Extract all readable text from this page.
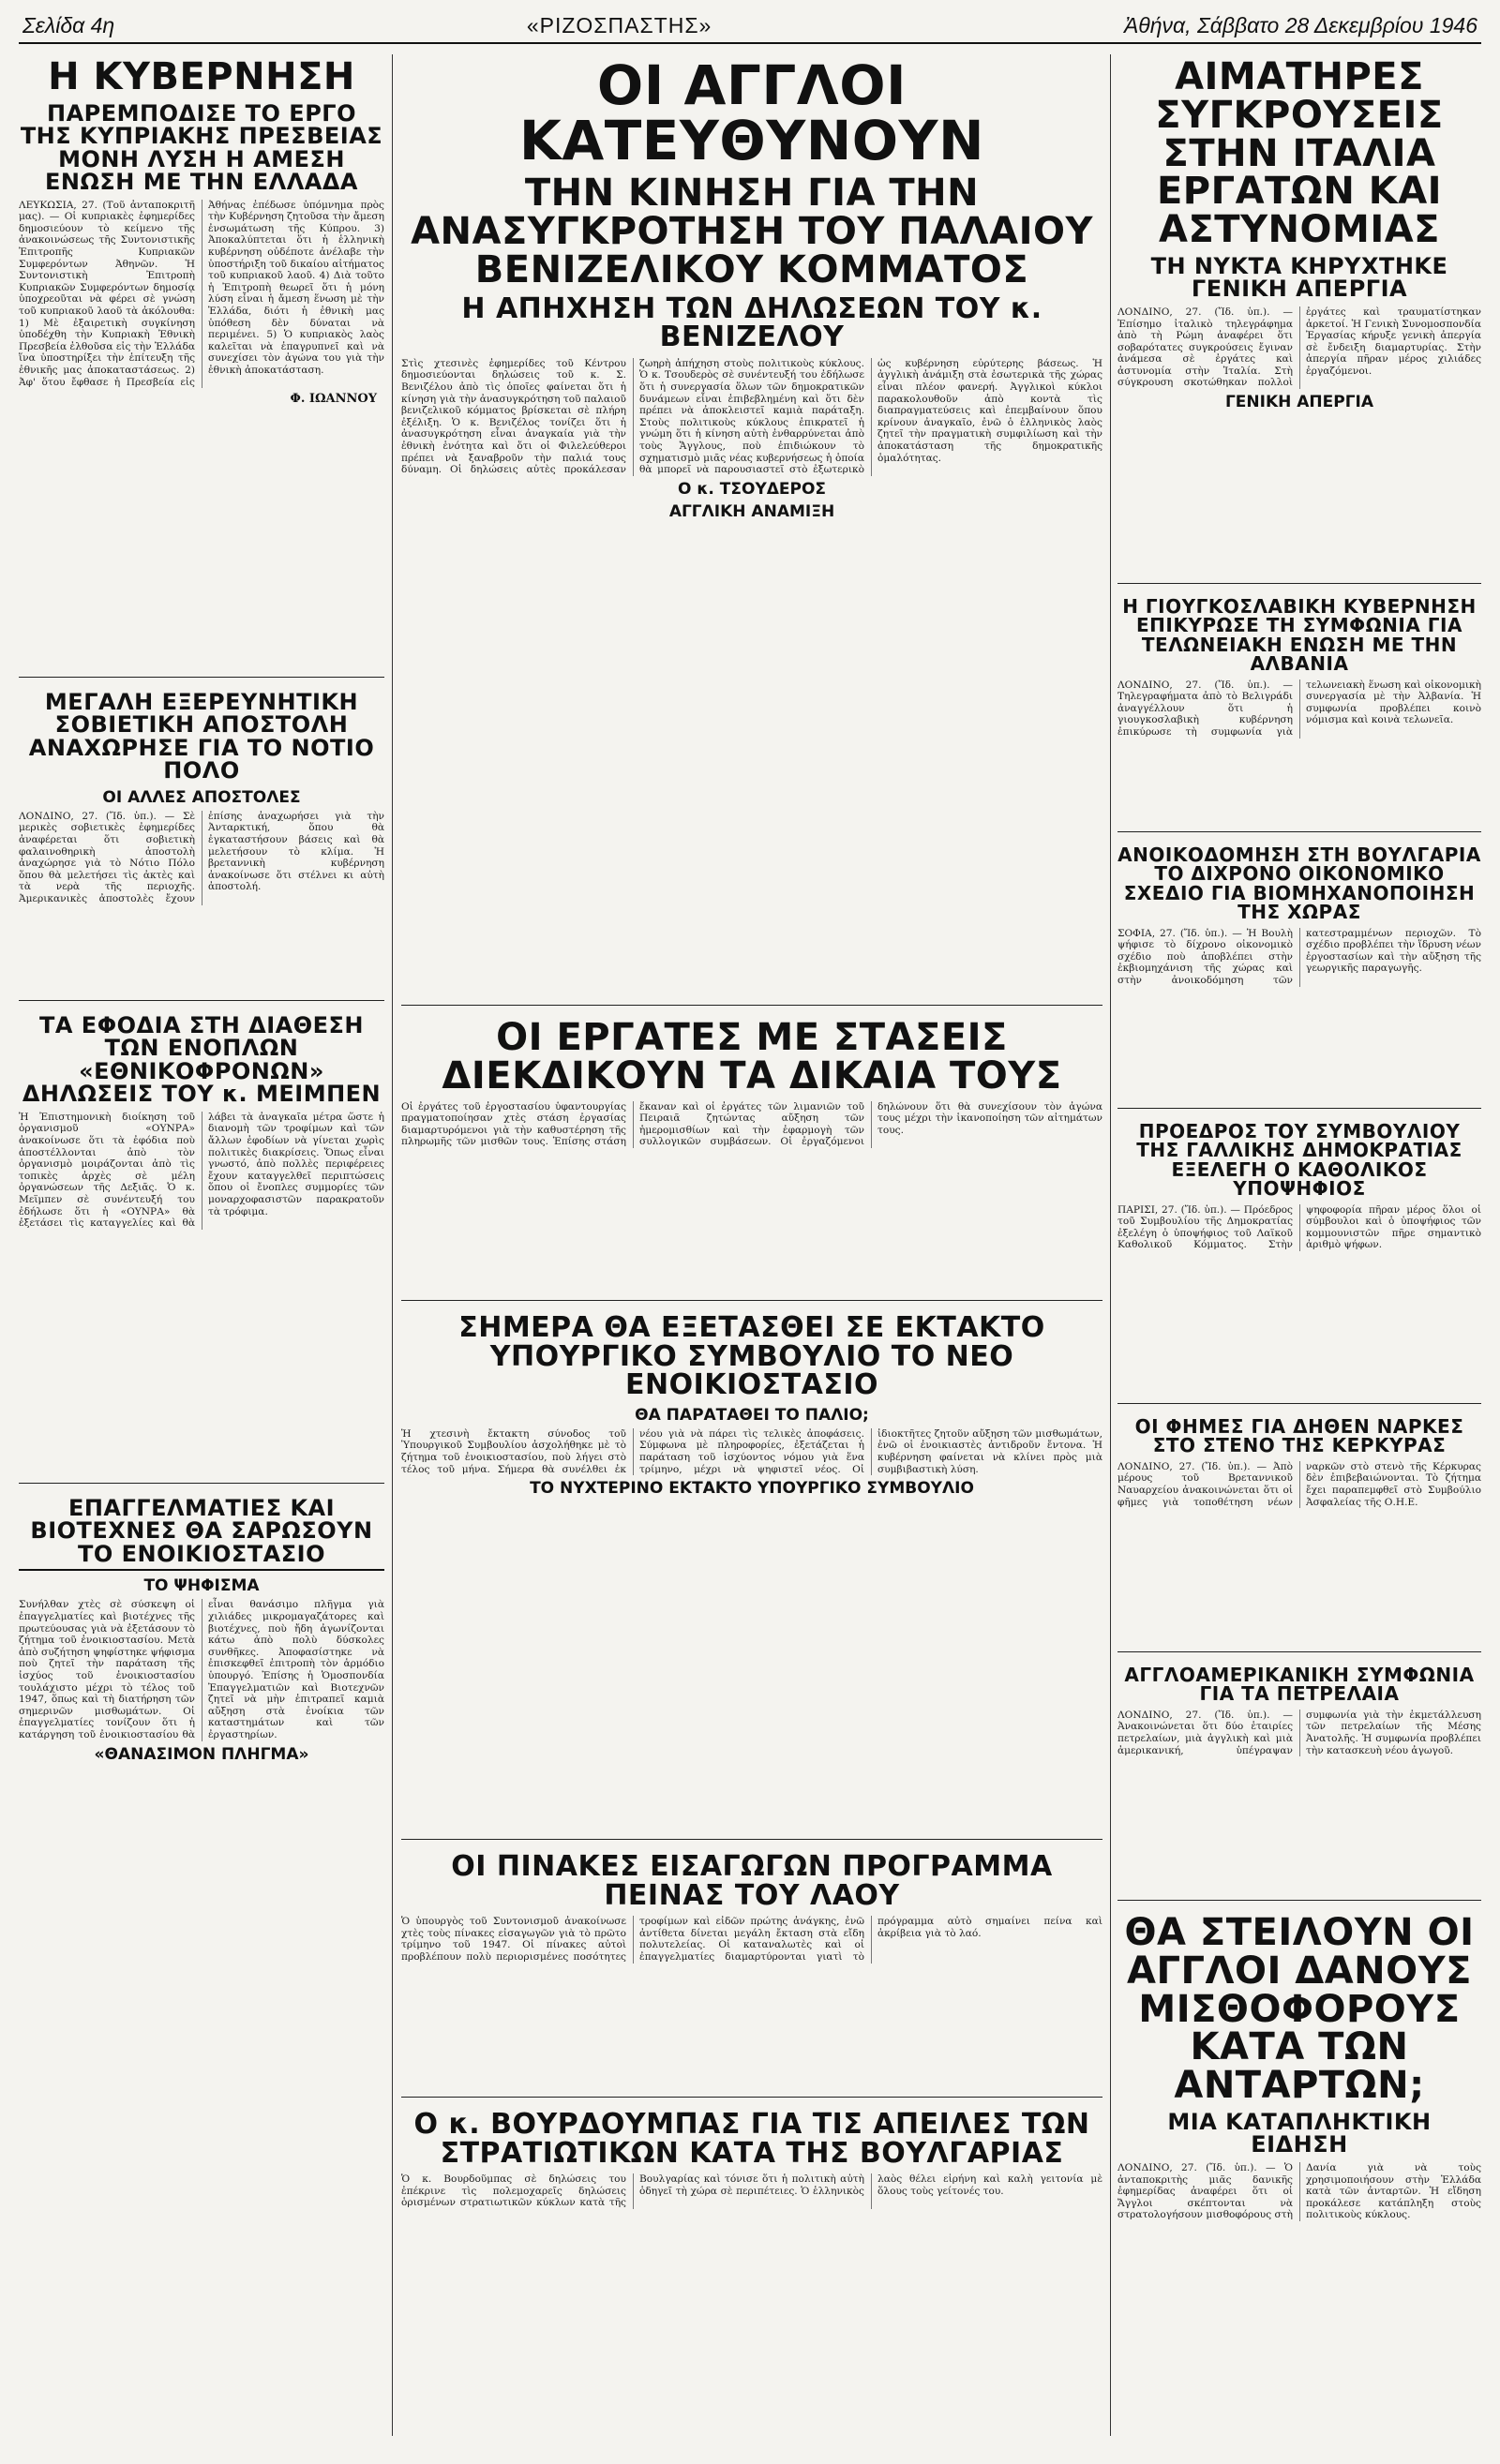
Σελίδα 4η	«ΡΙΖΟΣΠΑΣΤΗΣ»	Ἀθήνα, Σάββατο 28 Δεκεμβρίου 1946
Η ΚΥΒΕΡΝΗΣΗ
ΠΑΡΕΜΠΟΔΙΣΕ ΤΟ ΕΡΓΟ ΤΗΣ ΚΥΠΡΙΑΚΗΣ ΠΡΕΣΒΕΙΑΣ ΜΟΝΗ ΛΥΣΗ Η ΑΜΕΣΗ ΕΝΩΣΗ ΜΕ ΤΗΝ ΕΛΛΑΔΑ
ΛΕΥΚΩΣΙΑ, 27. (Τοῦ ἀνταποκριτῆ μας). — Οἱ κυπριακὲς ἐφημερίδες δημοσιεύουν τὸ κείμενο τῆς ἀνακοινώσεως τῆς Συντονιστικῆς Ἐπιτροπῆς Κυπριακῶν Συμφερόντων Ἀθηνῶν. Ἡ Συντονιστικὴ Ἐπιτροπὴ Κυπριακῶν Συμφερόντων δημοσίᾳ ὑποχρεοῦται νὰ φέρει σὲ γνώση τοῦ κυπριακοῦ λαοῦ τὰ ἀκόλουθα: 1) Μὲ ἐξαιρετικὴ συγκίνηση ὑποδέχθη τὴν Κυπριακὴ Ἐθνικὴ Πρεσβεία ἐλθοῦσα εἰς τὴν Ἑλλάδα ἵνα ὑποστηρίξει τὴν ἐπίτευξη τῆς ἐθνικῆς μας ἀποκαταστάσεως. 2) Ἀφ' ὅτου ἔφθασε ἡ Πρεσβεία εἰς Ἀθήνας ἐπέδωσε ὑπόμνημα πρὸς τὴν Κυβέρνηση ζητοῦσα τὴν ἄμεση ἐνσωμάτωση τῆς Κύπρου. 3) Ἀποκαλύπτεται ὅτι ἡ ἑλληνικὴ κυβέρνηση οὐδέποτε ἀνέλαβε τὴν ὑποστήριξη τοῦ δικαίου αἰτήματος τοῦ κυπριακοῦ λαοῦ. 4) Διὰ τοῦτο ἡ Ἐπιτροπὴ θεωρεῖ ὅτι ἡ μόνη λύση εἶναι ἡ ἄμεση ἕνωση μὲ τὴν Ἑλλάδα, διότι ἡ ἐθνικὴ μας ὑπόθεση δὲν δύναται νὰ περιμένει. 5) Ὁ κυπριακὸς λαὸς καλεῖται νὰ ἐπαγρυπνεῖ καὶ νὰ συνεχίσει τὸν ἀγώνα του γιὰ τὴν ἐθνικὴ ἀποκατάσταση.
Φ. ΙΩΑΝΝΟΥ
ΜΕΓΑΛΗ ΕΞΕΡΕΥΝΗΤΙΚΗ ΣΟΒΙΕΤΙΚΗ ΑΠΟΣΤΟΛΗ ΑΝΑΧΩΡΗΣΕ ΓΙΑ ΤΟ ΝΟΤΙΟ ΠΟΛΟ
ΟΙ ΑΛΛΕΣ ΑΠΟΣΤΟΛΕΣ
ΛΟΝΔΙΝΟ, 27. (Ἴδ. ὑπ.). — Σὲ μερικὲς σοβιετικὲς ἐφημερίδες ἀναφέρεται ὅτι σοβιετικὴ φαλαινοθηρικὴ ἀποστολὴ ἀναχώρησε γιὰ τὸ Νότιο Πόλο ὅπου θὰ μελετήσει τὶς ἀκτὲς καὶ τὰ νερὰ τῆς περιοχῆς. Ἀμερικανικὲς ἀποστολὲς ἔχουν ἐπίσης ἀναχωρήσει γιὰ τὴν Ἀνταρκτική, ὅπου θὰ ἐγκαταστήσουν βάσεις καὶ θὰ μελετήσουν τὸ κλίμα. Ἡ βρεταννικὴ κυβέρνηση ἀνακοίνωσε ὅτι στέλνει κι αὐτὴ ἀποστολή.
ΤΑ ΕΦΟΔΙΑ ΣΤΗ ΔΙΑΘΕΣΗ ΤΩΝ ΕΝΟΠΛΩΝ «ΕΘΝΙΚΟΦΡΟΝΩΝ» ΔΗΛΩΣΕΙΣ ΤΟΥ κ. ΜΕΙΜΠΕΝ
Ἡ Ἐπιστημονικὴ διοίκηση τοῦ ὀργανισμοῦ «ΟΥΝΡΑ» ἀνακοίνωσε ὅτι τὰ ἐφόδια ποὺ ἀποστέλλονται ἀπὸ τὸν ὀργανισμὸ μοιράζονται ἀπὸ τὶς τοπικὲς ἀρχὲς σὲ μέλη ὀργανώσεων τῆς Δεξιᾶς. Ὁ κ. Μεϊμπεν σὲ συνέντευξή του ἐδήλωσε ὅτι ἡ «ΟΥΝΡΑ» θὰ ἐξετάσει τὶς καταγγελίες καὶ θὰ λάβει τὰ ἀναγκαῖα μέτρα ὥστε ἡ διανομὴ τῶν τροφίμων καὶ τῶν ἄλλων ἐφοδίων νὰ γίνεται χωρὶς πολιτικὲς διακρίσεις. Ὅπως εἶναι γνωστό, ἀπὸ πολλὲς περιφέρειες ἔχουν καταγγελθεῖ περιπτώσεις ὅπου οἱ ἔνοπλες συμμορίες τῶν μοναρχοφασιστῶν παρακρατοῦν τὰ τρόφιμα.
ΕΠΑΓΓΕΛΜΑΤΙΕΣ ΚΑΙ ΒΙΟΤΕΧΝΕΣ ΘΑ ΣΑΡΩΣΟΥΝ ΤΟ ΕΝΟΙΚΙΟΣΤΑΣΙΟ
ΤΟ ΨΗΦΙΣΜΑ
Συνήλθαν χτὲς σὲ σύσκεψη οἱ ἐπαγγελματίες καὶ βιοτέχνες τῆς πρωτεύουσας γιὰ νὰ ἐξετάσουν τὸ ζήτημα τοῦ ἐνοικιοστασίου. Μετὰ ἀπὸ συζήτηση ψηφίστηκε ψήφισμα ποὺ ζητεῖ τὴν παράταση τῆς ἰσχύος τοῦ ἐνοικιοστασίου τουλάχιστο μέχρι τὸ τέλος τοῦ 1947, ὅπως καὶ τὴ διατήρηση τῶν σημερινῶν μισθωμάτων. Οἱ ἐπαγγελματίες τονίζουν ὅτι ἡ κατάργηση τοῦ ἐνοικιοστασίου θὰ εἶναι θανάσιμο πλῆγμα γιὰ χιλιάδες μικρομαγαζάτορες καὶ βιοτέχνες, ποὺ ἤδη ἀγωνίζονται κάτω ἀπὸ πολὺ δύσκολες συνθῆκες. Ἀποφασίστηκε νὰ ἐπισκεφθεῖ ἐπιτροπὴ τὸν ἁρμόδιο ὑπουργό. Ἐπίσης ἡ Ὁμοσπονδία Ἐπαγγελματιῶν καὶ Βιοτεχνῶν ζητεῖ νὰ μὴν ἐπιτραπεῖ καμιὰ αὔξηση στὰ ἐνοίκια τῶν καταστημάτων καὶ τῶν ἐργαστηρίων.
«ΘΑΝΑΣΙΜΟΝ ΠΛΗΓΜΑ»
ΟΙ ΑΓΓΛΟΙ ΚΑΤΕΥΘΥΝΟΥΝ
ΤΗΝ ΚΙΝΗΣΗ ΓΙΑ ΤΗΝ ΑΝΑΣΥΓΚΡΟΤΗΣΗ ΤΟΥ ΠΑΛΑΙΟΥ ΒΕΝΙΖΕΛΙΚΟΥ ΚΟΜΜΑΤΟΣ
Η ΑΠΗΧΗΣΗ ΤΩΝ ΔΗΛΩΣΕΩΝ ΤΟΥ κ. ΒΕΝΙΖΕΛΟΥ
Στὶς χτεσινὲς ἐφημερίδες τοῦ Κέντρου δημοσιεύονται δηλώσεις τοῦ κ. Σ. Βενιζέλου ἀπὸ τὶς ὁποῖες φαίνεται ὅτι ἡ κίνηση γιὰ τὴν ἀνασυγκρότηση τοῦ παλαιοῦ βενιζελικοῦ κόμματος βρίσκεται σὲ πλήρη ἐξέλιξη. Ὁ κ. Βενιζέλος τονίζει ὅτι ἡ ἀνασυγκρότηση εἶναι ἀναγκαία γιὰ τὴν ἐθνικὴ ἑνότητα καὶ ὅτι οἱ Φιλελεύθεροι πρέπει νὰ ξαναβροῦν τὴν παλιά τους δύναμη. Οἱ δηλώσεις αὐτὲς προκάλεσαν ζωηρὴ ἀπήχηση στοὺς πολιτικοὺς κύκλους. Ὁ κ. Τσουδερὸς σὲ συνέντευξή του ἐδήλωσε ὅτι ἡ συνεργασία ὅλων τῶν δημοκρατικῶν δυνάμεων εἶναι ἐπιβεβλημένη καὶ ὅτι δὲν πρέπει νὰ ἀποκλειστεῖ καμιὰ παράταξη. Στοὺς πολιτικοὺς κύκλους ἐπικρατεῖ ἡ γνώμη ὅτι ἡ κίνηση αὐτὴ ἐνθαρρύνεται ἀπὸ τοὺς Ἄγγλους, ποὺ ἐπιδιώκουν τὸ σχηματισμὸ μιᾶς νέας κυβερνήσεως ἡ ὁποία θὰ μπορεῖ νὰ παρουσιαστεῖ στὸ ἐξωτερικὸ ὡς κυβέρνηση εὐρύτερης βάσεως. Ἡ ἀγγλικὴ ἀνάμιξη στὰ ἐσωτερικὰ τῆς χώρας εἶναι πλέον φανερή. Ἀγγλικοὶ κύκλοι παρακολουθοῦν ἀπὸ κοντὰ τὶς διαπραγματεύσεις καὶ ἐπεμβαίνουν ὅπου κρίνουν ἀναγκαῖο, ἐνῶ ὁ ἑλληνικὸς λαὸς ζητεῖ τὴν πραγματικὴ συμφιλίωση καὶ τὴν ἀποκατάσταση τῆς δημοκρατικῆς ὁμαλότητας.
Ο κ. ΤΣΟΥΔΕΡΟΣ
ΑΓΓΛΙΚΗ ΑΝΑΜΙΞΗ
ΟΙ ΕΡΓΑΤΕΣ ΜΕ ΣΤΑΣΕΙΣ ΔΙΕΚΔΙΚΟΥΝ ΤΑ ΔΙΚΑΙΑ ΤΟΥΣ
Οἱ ἐργάτες τοῦ ἐργοστασίου ὑφαντουργίας πραγματοποίησαν χτὲς στάση ἐργασίας διαμαρτυρόμενοι γιὰ τὴν καθυστέρηση τῆς πληρωμῆς τῶν μισθῶν τους. Ἐπίσης στάση ἔκαναν καὶ οἱ ἐργάτες τῶν λιμανιῶν τοῦ Πειραιᾶ ζητώντας αὔξηση τῶν ἡμερομισθίων καὶ τὴν ἐφαρμογὴ τῶν συλλογικῶν συμβάσεων. Οἱ ἐργαζόμενοι δηλώνουν ὅτι θὰ συνεχίσουν τὸν ἀγώνα τους μέχρι τὴν ἱκανοποίηση τῶν αἰτημάτων τους.
ΣΗΜΕΡΑ ΘΑ ΕΞΕΤΑΣΘΕΙ ΣΕ ΕΚΤΑΚΤΟ ΥΠΟΥΡΓΙΚΟ ΣΥΜΒΟΥΛΙΟ ΤΟ ΝΕΟ ΕΝΟΙΚΙΟΣΤΑΣΙΟ
ΘΑ ΠΑΡΑΤΑΘΕΙ ΤΟ ΠΑΛΙΟ;
Ἡ χτεσινὴ ἔκτακτη σύνοδος τοῦ Ὑπουργικοῦ Συμβουλίου ἀσχολήθηκε μὲ τὸ ζήτημα τοῦ ἐνοικιοστασίου, ποὺ λήγει στὸ τέλος τοῦ μήνα. Σήμερα θὰ συνέλθει ἐκ νέου γιὰ νὰ πάρει τὶς τελικὲς ἀποφάσεις. Σύμφωνα μὲ πληροφορίες, ἐξετάζεται ἡ παράταση τοῦ ἰσχύοντος νόμου γιὰ ἕνα τρίμηνο, μέχρι νὰ ψηφιστεῖ νέος. Οἱ ἰδιοκτῆτες ζητοῦν αὔξηση τῶν μισθωμάτων, ἐνῶ οἱ ἐνοικιαστὲς ἀντιδροῦν ἔντονα. Ἡ κυβέρνηση φαίνεται νὰ κλίνει πρὸς μιὰ συμβιβαστικὴ λύση.
ΤΟ ΝΥΧΤΕΡΙΝΟ ΕΚΤΑΚΤΟ ΥΠΟΥΡΓΙΚΟ ΣΥΜΒΟΥΛΙΟ
ΟΙ ΠΙΝΑΚΕΣ ΕΙΣΑΓΩΓΩΝ ΠΡΟΓΡΑΜΜΑ ΠΕΙΝΑΣ ΤΟΥ ΛΑΟΥ
Ὁ ὑπουργὸς τοῦ Συντονισμοῦ ἀνακοίνωσε χτὲς τοὺς πίνακες εἰσαγωγῶν γιὰ τὸ πρῶτο τρίμηνο τοῦ 1947. Οἱ πίνακες αὐτοὶ προβλέπουν πολὺ περιορισμένες ποσότητες τροφίμων καὶ εἰδῶν πρώτης ἀνάγκης, ἐνῶ ἀντίθετα δίνεται μεγάλη ἔκταση στὰ εἴδη πολυτελείας. Οἱ καταναλωτὲς καὶ οἱ ἐπαγγελματίες διαμαρτύρονται γιατὶ τὸ πρόγραμμα αὐτὸ σημαίνει πείνα καὶ ἀκρίβεια γιὰ τὸ λαό.
Ο κ. ΒΟΥΡΔΟΥΜΠΑΣ ΓΙΑ ΤΙΣ ΑΠΕΙΛΕΣ ΤΩΝ ΣΤΡΑΤΙΩΤΙΚΩΝ ΚΑΤΑ ΤΗΣ ΒΟΥΛΓΑΡΙΑΣ
Ὁ κ. Βουρδοῦμπας σὲ δηλώσεις του ἐπέκρινε τὶς πολεμοχαρεῖς δηλώσεις ὁρισμένων στρατιωτικῶν κύκλων κατὰ τῆς Βουλγαρίας καὶ τόνισε ὅτι ἡ πολιτικὴ αὐτὴ ὁδηγεῖ τὴ χώρα σὲ περιπέτειες. Ὁ ἑλληνικὸς λαὸς θέλει εἰρήνη καὶ καλὴ γειτονία μὲ ὅλους τοὺς γείτονές του.
ΑΙΜΑΤΗΡΕΣ ΣΥΓΚΡΟΥΣΕΙΣ ΣΤΗΝ ΙΤΑΛΙΑ ΕΡΓΑΤΩΝ ΚΑΙ ΑΣΤΥΝΟΜΙΑΣ
ΤΗ ΝΥΚΤΑ ΚΗΡΥΧΤΗΚΕ ΓΕΝΙΚΗ ΑΠΕΡΓΙΑ
ΛΟΝΔΙΝΟ, 27. (Ἴδ. ὑπ.). — Ἐπίσημο ἰταλικὸ τηλεγράφημα ἀπὸ τὴ Ρώμη ἀναφέρει ὅτι σοβαρότατες συγκρούσεις ἔγιναν ἀνάμεσα σὲ ἐργάτες καὶ ἀστυνομία στὴν Ἰταλία. Στὴ σύγκρουση σκοτώθηκαν πολλοὶ ἐργάτες καὶ τραυματίστηκαν ἀρκετοί. Ἡ Γενικὴ Συνομοσπονδία Ἐργασίας κήρυξε γενικὴ ἀπεργία σὲ ἔνδειξη διαμαρτυρίας. Στὴν ἀπεργία πῆραν μέρος χιλιάδες ἐργαζόμενοι.
ΓΕΝΙΚΗ ΑΠΕΡΓΙΑ
Η ΓΙΟΥΓΚΟΣΛΑΒΙΚΗ ΚΥΒΕΡΝΗΣΗ ΕΠΙΚΥΡΩΣΕ ΤΗ ΣΥΜΦΩΝΙΑ ΓΙΑ ΤΕΛΩΝΕΙΑΚΗ ΕΝΩΣΗ ΜΕ ΤΗΝ ΑΛΒΑΝΙΑ
ΛΟΝΔΙΝΟ, 27. (Ἴδ. ὑπ.). — Τηλεγραφήματα ἀπὸ τὸ Βελιγράδι ἀναγγέλλουν ὅτι ἡ γιουγκοσλαβικὴ κυβέρνηση ἐπικύρωσε τὴ συμφωνία γιὰ τελωνειακὴ ἕνωση καὶ οἰκονομικὴ συνεργασία μὲ τὴν Ἀλβανία. Ἡ συμφωνία προβλέπει κοινὸ νόμισμα καὶ κοινὰ τελωνεῖα.
ΑΝΟΙΚΟΔΟΜΗΣΗ ΣΤΗ ΒΟΥΛΓΑΡΙΑ ΤΟ ΔΙΧΡΟΝΟ ΟΙΚΟΝΟΜΙΚΟ ΣΧΕΔΙΟ ΓΙΑ ΒΙΟΜΗΧΑΝΟΠΟΙΗΣΗ ΤΗΣ ΧΩΡΑΣ
ΣΟΦΙΑ, 27. (Ἴδ. ὑπ.). — Ἡ Βουλὴ ψήφισε τὸ δίχρονο οἰκονομικὸ σχέδιο ποὺ ἀποβλέπει στὴν ἐκβιομηχάνιση τῆς χώρας καὶ στὴν ἀνοικοδόμηση τῶν κατεστραμμένων περιοχῶν. Τὸ σχέδιο προβλέπει τὴν ἵδρυση νέων ἐργοστασίων καὶ τὴν αὔξηση τῆς γεωργικῆς παραγωγῆς.
ΠΡΟΕΔΡΟΣ ΤΟΥ ΣΥΜΒΟΥΛΙΟΥ ΤΗΣ ΓΑΛΛΙΚΗΣ ΔΗΜΟΚΡΑΤΙΑΣ ΕΞΕΛΕΓΗ Ο ΚΑΘΟΛΙΚΟΣ ΥΠΟΨΗΦΙΟΣ
ΠΑΡΙΣΙ, 27. (Ἴδ. ὑπ.). — Πρόεδρος τοῦ Συμβουλίου τῆς Δημοκρατίας ἐξελέγη ὁ ὑποψήφιος τοῦ Λαϊκοῦ Καθολικοῦ Κόμματος. Στὴν ψηφοφορία πῆραν μέρος ὅλοι οἱ σύμβουλοι καὶ ὁ ὑποψήφιος τῶν κομμουνιστῶν πῆρε σημαντικὸ ἀριθμὸ ψήφων.
ΟΙ ΦΗΜΕΣ ΓΙΑ ΔΗΘΕΝ ΝΑΡΚΕΣ ΣΤΟ ΣΤΕΝΟ ΤΗΣ ΚΕΡΚΥΡΑΣ
ΛΟΝΔΙΝΟ, 27. (Ἴδ. ὑπ.). — Ἀπὸ μέρους τοῦ Βρεταννικοῦ Ναυαρχείου ἀνακοινώνεται ὅτι οἱ φῆμες γιὰ τοποθέτηση νέων ναρκῶν στὸ στενὸ τῆς Κέρκυρας δὲν ἐπιβεβαιώνονται. Τὸ ζήτημα ἔχει παραπεμφθεῖ στὸ Συμβούλιο Ἀσφαλείας τῆς Ο.Η.Ε.
ΑΓΓΛΟΑΜΕΡΙΚΑΝΙΚΗ ΣΥΜΦΩΝΙΑ ΓΙΑ ΤΑ ΠΕΤΡΕΛΑΙΑ
ΛΟΝΔΙΝΟ, 27. (Ἴδ. ὑπ.). — Ἀνακοινώνεται ὅτι δύο ἑταιρίες πετρελαίων, μιὰ ἀγγλικὴ καὶ μιὰ ἀμερικανική, ὑπέγραψαν συμφωνία γιὰ τὴν ἐκμετάλλευση τῶν πετρελαίων τῆς Μέσης Ἀνατολῆς. Ἡ συμφωνία προβλέπει τὴν κατασκευὴ νέου ἀγωγοῦ.
ΘΑ ΣΤΕΙΛΟΥΝ ΟΙ ΑΓΓΛΟΙ ΔΑΝΟΥΣ ΜΙΣΘΟΦΟΡΟΥΣ ΚΑΤΑ ΤΩΝ ΑΝΤΑΡΤΩΝ;
ΜΙΑ ΚΑΤΑΠΛΗΚΤΙΚΗ ΕΙΔΗΣΗ
ΛΟΝΔΙΝΟ, 27. (Ἴδ. ὑπ.). — Ὁ ἀνταποκριτὴς μιᾶς δανικῆς ἐφημερίδας ἀναφέρει ὅτι οἱ Ἄγγλοι σκέπτονται νὰ στρατολογήσουν μισθοφόρους στὴ Δανία γιὰ νὰ τοὺς χρησιμοποιήσουν στὴν Ἑλλάδα κατὰ τῶν ἀνταρτῶν. Ἡ εἴδηση προκάλεσε κατάπληξη στοὺς πολιτικοὺς κύκλους.
